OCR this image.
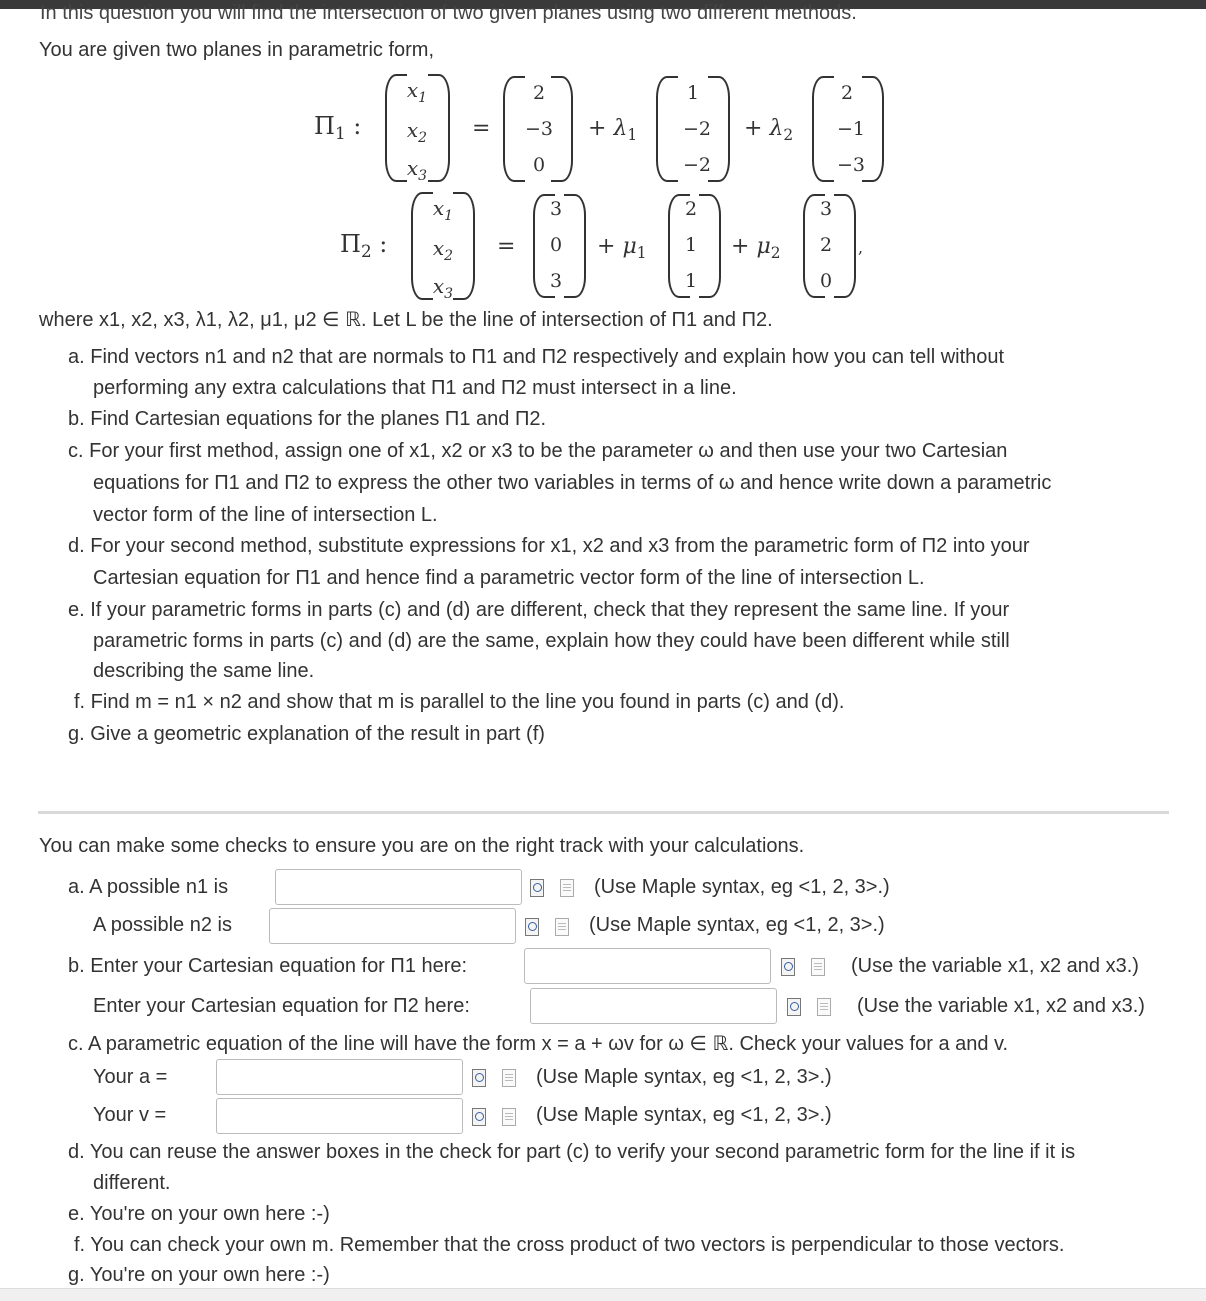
In this question you will find the intersection of two given planes using two different methods.
You are given two planes in parametric form,
$\Pi_1$ :
$x_1$
$x_2$
$x_3$
=
2
−3
0
+ $\lambda_1$
1
−2
−2
+ $\lambda_2$
2
−1
−3
$\Pi_2$ :
$x_1$
$x_2$
$x_3$
=
3
0
3
+ $\mu_1$
2
1
1
+ $\mu_2$
3
2
0
,
where x1, x2, x3, λ1, λ2, μ1, μ2 ∈ ℝ. Let L be the line of intersection of Π1 and Π2.
a. Find vectors n1 and n2 that are normals to Π1 and Π2 respectively and explain how you can tell without
performing any extra calculations that Π1 and Π2 must intersect in a line.
b. Find Cartesian equations for the planes Π1 and Π2.
c. For your first method, assign one of x1, x2 or x3 to be the parameter ω and then use your two Cartesian
equations for Π1 and Π2 to express the other two variables in terms of ω and hence write down a parametric
vector form of the line of intersection L.
d. For your second method, substitute expressions for x1, x2 and x3 from the parametric form of Π2 into your
Cartesian equation for Π1 and hence find a parametric vector form of the line of intersection L.
e. If your parametric forms in parts (c) and (d) are different, check that they represent the same line. If your
parametric forms in parts (c) and (d) are the same, explain how they could have been different while still
describing the same line.
f. Find m = n1 × n2 and show that m is parallel to the line you found in parts (c) and (d).
g. Give a geometric explanation of the result in part (f)
You can make some checks to ensure you are on the right track with your calculations.
a. A possible n1 is	(Use Maple syntax, eg <1, 2, 3>.)
A possible n2 is	(Use Maple syntax, eg <1, 2, 3>.)
b. Enter your Cartesian equation for Π1 here:	(Use the variable x1, x2 and x3.)
Enter your Cartesian equation for Π2 here:	(Use the variable x1, x2 and x3.)
c. A parametric equation of the line will have the form x = a + ωv for ω ∈ ℝ. Check your values for a and v.
Your a =	(Use Maple syntax, eg <1, 2, 3>.)
Your v =	(Use Maple syntax, eg <1, 2, 3>.)
d. You can reuse the answer boxes in the check for part (c) to verify your second parametric form for the line if it is
different.
e. You're on your own here :-)
f. You can check your own m. Remember that the cross product of two vectors is perpendicular to those vectors.
g. You're on your own here :-)
